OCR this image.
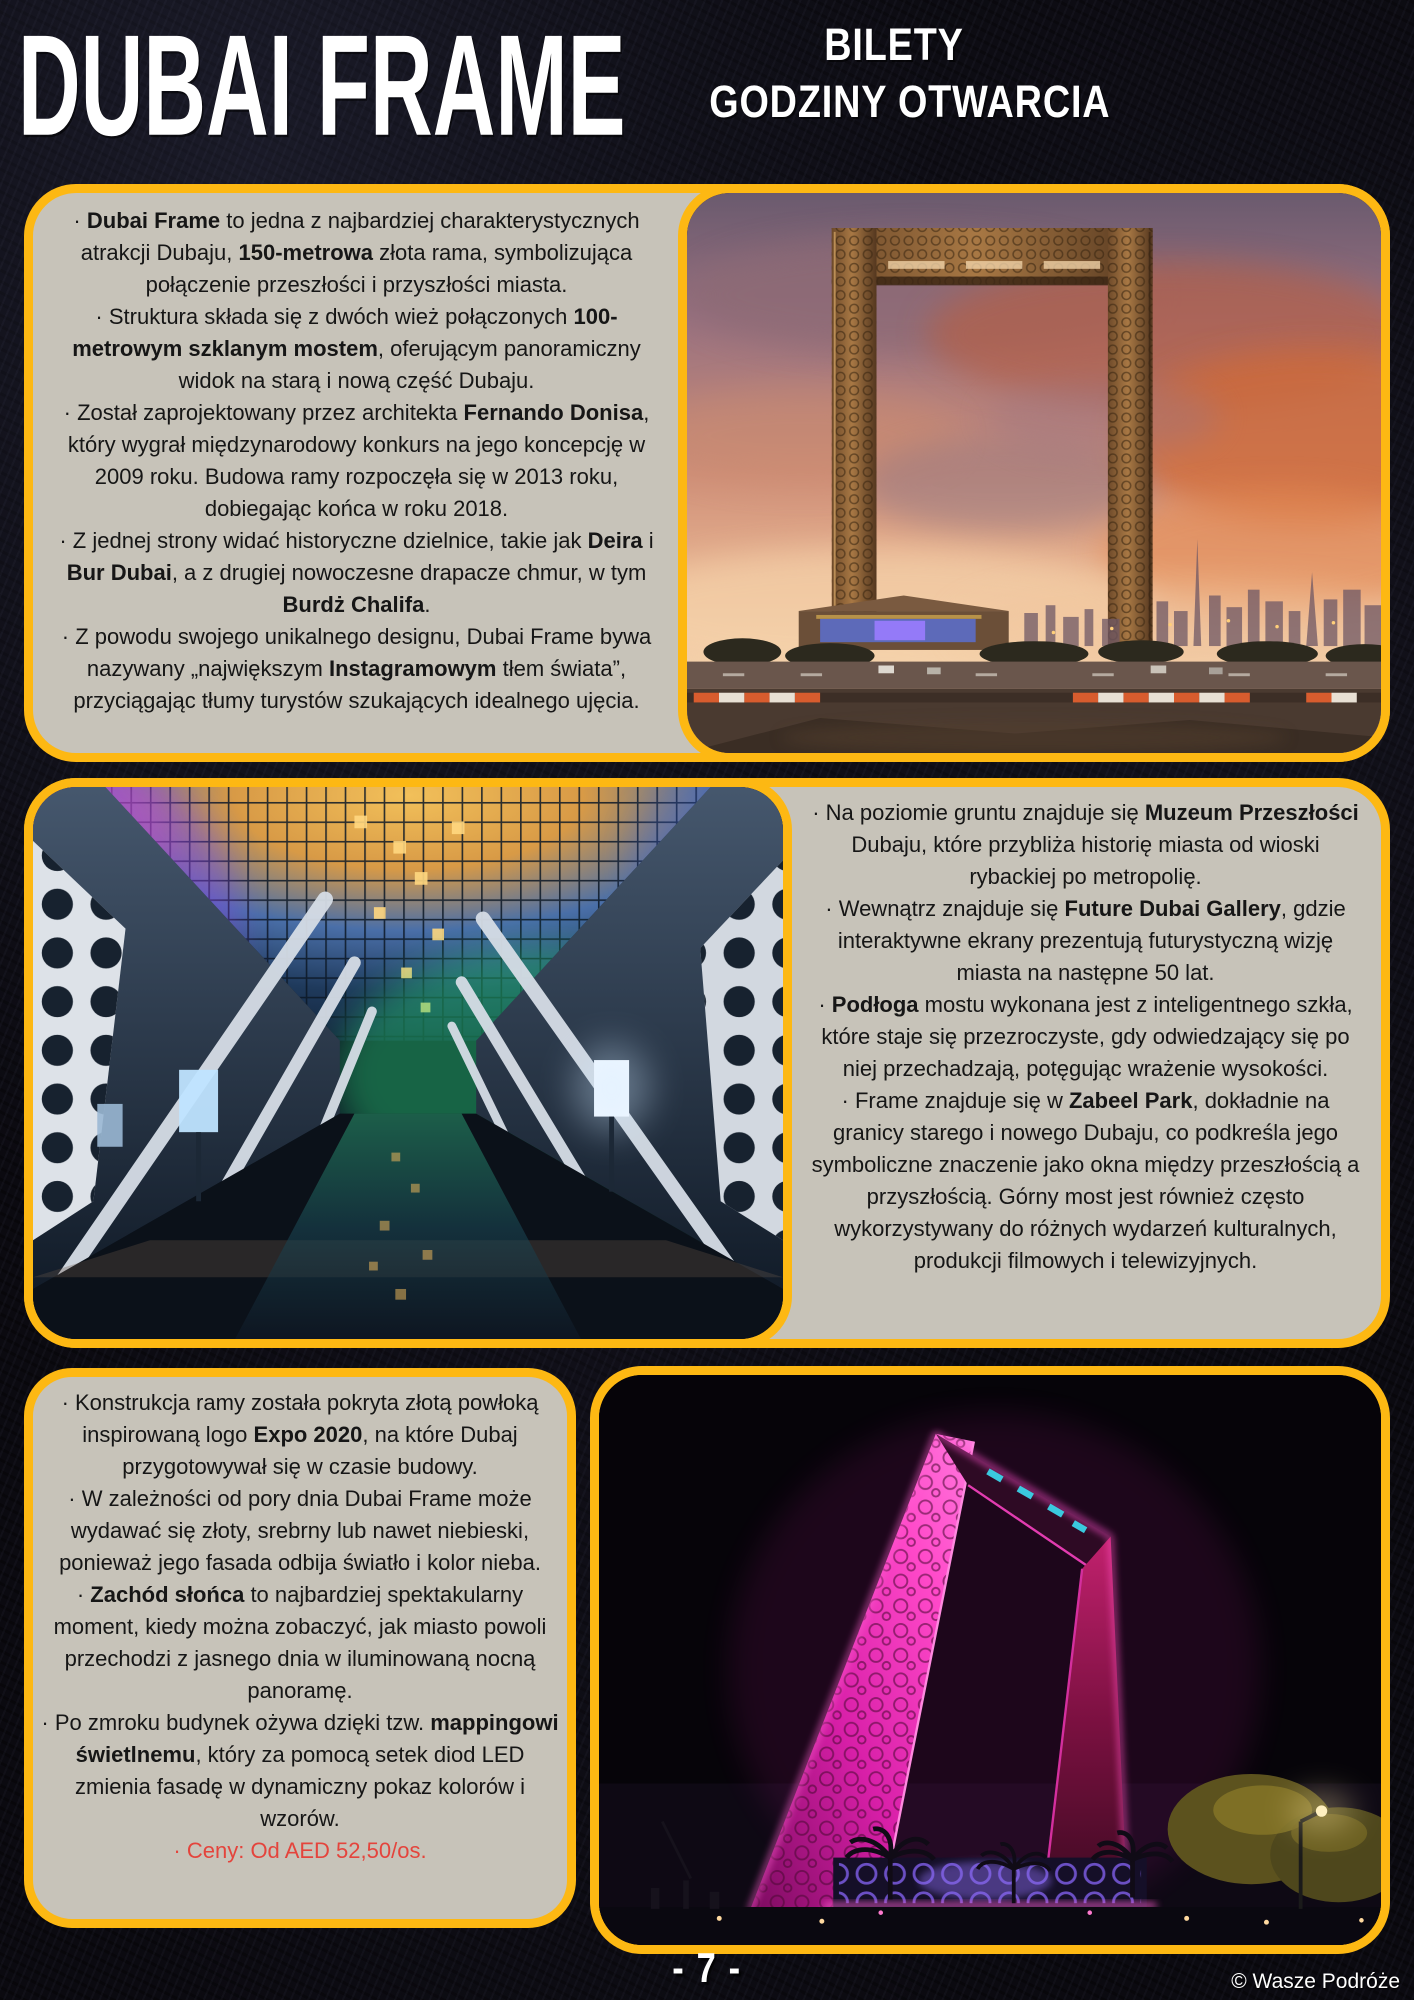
DUBAI FRAME	BILETY
GODZINY OTWARCIA

· Dubai Frame to jedna z najbardziej charakterystycznych atrakcji Dubaju, 150-metrowa złota rama, symbolizująca połączenie przeszłości i przyszłości miasta.

· Struktura składa się z dwóch wież połączonych 100-metrowym szklanym mostem, oferującym panoramiczny widok na starą i nową część Dubaju.

· Został zaprojektowany przez architekta Fernando Donisa, który wygrał międzynarodowy konkurs na jego koncepcję w 2009 roku. Budowa ramy rozpoczęła się w 2013 roku, dobiegając końca w roku 2018.

· Z jednej strony widać historyczne dzielnice, takie jak Deira i Bur Dubai, a z drugiej nowoczesne drapacze chmur, w tym Burdż Chalifa.

· Z powodu swojego unikalnego designu, Dubai Frame bywa nazywany „największym Instagramowym tłem świata”, przyciągając tłumy turystów szukających idealnego ujęcia.

· Na poziomie gruntu znajduje się Muzeum Przeszłości Dubaju, które przybliża historię miasta od wioski rybackiej po metropolię.

· Wewnątrz znajduje się Future Dubai Gallery, gdzie interaktywne ekrany prezentują futurystyczną wizję miasta na następne 50 lat.

· Podłoga mostu wykonana jest z inteligentnego szkła, które staje się przezroczyste, gdy odwiedzający się po niej przechadzają, potęgując wrażenie wysokości.

· Frame znajduje się w Zabeel Park, dokładnie na granicy starego i nowego Dubaju, co podkreśla jego symboliczne znaczenie jako okna między przeszłością a przyszłością. Górny most jest również często wykorzystywany do różnych wydarzeń kulturalnych, produkcji filmowych i telewizyjnych.

· Konstrukcja ramy została pokryta złotą powłoką inspirowaną logo Expo 2020, na które Dubaj przygotowywał się w czasie budowy.

· W zależności od pory dnia Dubai Frame może wydawać się złoty, srebrny lub nawet niebieski, ponieważ jego fasada odbija światło i kolor nieba.

· Zachód słońca to najbardziej spektakularny moment, kiedy można zobaczyć, jak miasto powoli przechodzi z jasnego dnia w iluminowaną nocną panoramę.

· Po zmroku budynek ożywa dzięki tzw. mappingowi świetlnemu, który za pomocą setek diod LED zmienia fasadę w dynamiczny pokaz kolorów i wzorów.

· Ceny: Od AED 52,50/os.

- 7 -	© Wasze Podróże
